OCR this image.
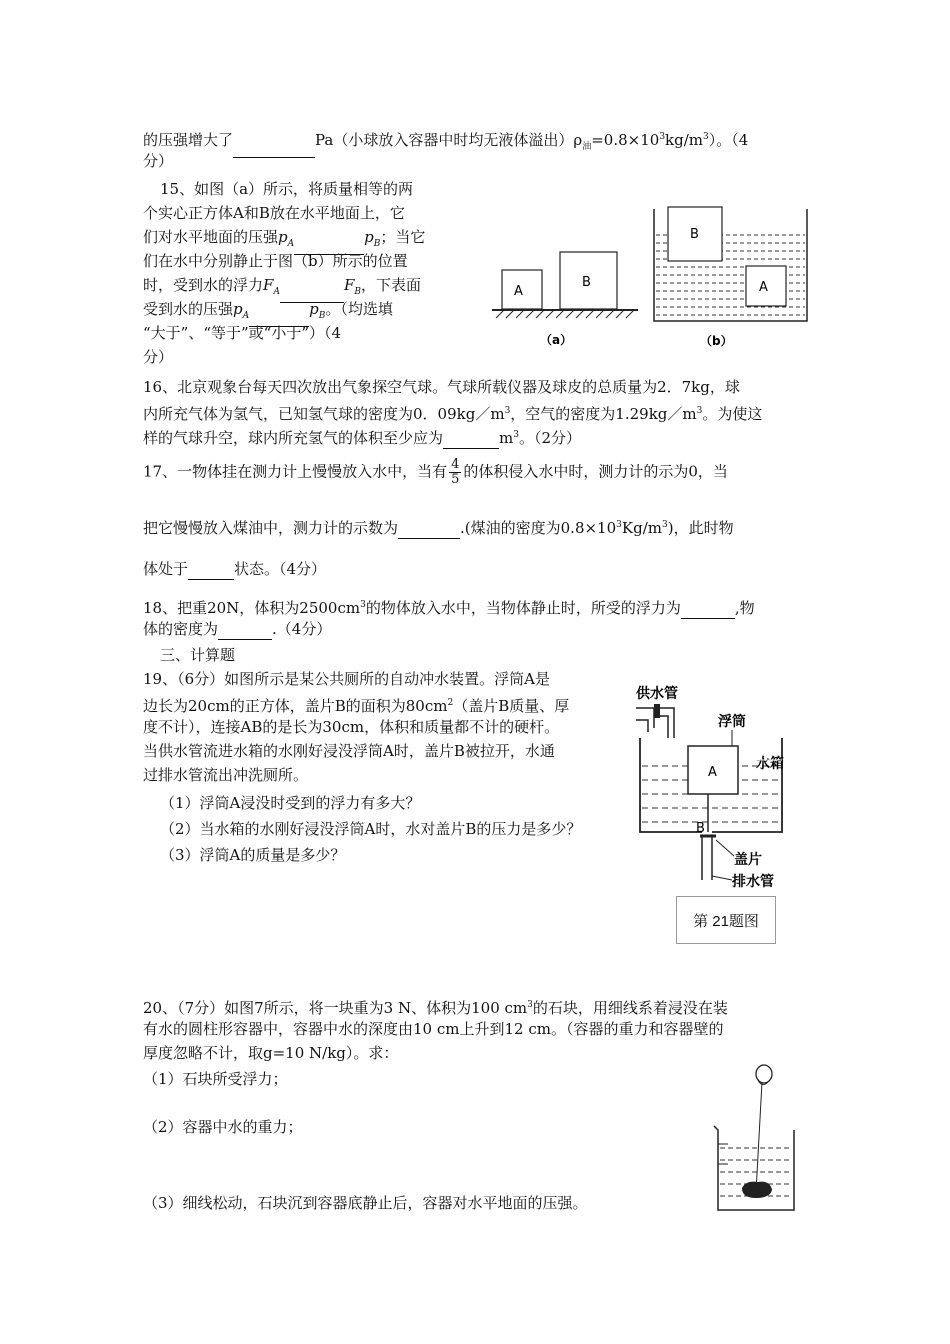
的压强增大了	Pa（小球放入容器中时均无液体溢出）$\rho_油=0.8\times 10^3kg/m^3$）。（4
分）
15、如图（a）所示，将质量相等的两
个实心正方体A和B放在水平地面上，它
们对水平地面的压强$p_A$	$p_B$；当它
们在水中分别静止于图（b）所示的位置
时，受到水的浮力$F_A$	$F_B$，下表面
受到水的压强$p_A$	$p_B$。（均选填
“大于”、“等于”或“小于”）（4
分）
A
B
（a）
B
A
（b）
16、北京观象台每天四次放出气象探空气球。气球所载仪器及球皮的总质量为2．7kg，球
内所充气体为氢气，已知氢气球的密度为0．$09kg/m^3$，空气的密度为$1.29kg/m^3$。为使这
样的气球升空，球内所充氢气的体积至少应为	$m^3$。（2分）
17、一物体挂在测力计上慢慢放入水中，当有 $\frac{4}{5}$ 的体积侵入水中时，测力计的示为0，当
把它慢慢放入煤油中，测力计的示数为	.(煤油的密度为$0.8\times 10^3Kg/m^3$)，此时物
体处于	状态。（4分）
18、把重20N，体积为$2500cm^3$的物体放入水中，当物体静止时，所受的浮力为	,物
体的密度为	.（4分）
三、计算题
19、（6分）如图所示是某公共厕所的自动冲水装置。浮筒A是
边长为20cm的正方体，盖片B的面积为$80cm^2$（盖片B质量、厚
度不计），连接AB的是长为30cm，体积和质量都不计的硬杆。
当供水管流进水箱的水刚好浸没浮筒A时，盖片B被拉开，水通
过排水管流出冲洗厕所。
（1）浮筒A浸没时受到的浮力有多大？
（2）当水箱的水刚好浸没浮筒A时，水对盖片B的压力是多少？
（3）浮筒A的质量是多少？
供水管
浮筒
A
B
水箱
盖片
排水管
第 21题图
20、（7分）如图7所示，将一块重为3 N、体积为100 $cm^3$的石块，用细线系着浸没在装
有水的圆柱形容器中，容器中水的深度由10 cm上升到12 cm。（容器的重力和容器壁的
厚度忽略不计，取g=10 N/kg）。求：
（1）石块所受浮力；
（2）容器中水的重力；
（3）细线松动，石块沉到容器底静止后，容器对水平地面的压强。
